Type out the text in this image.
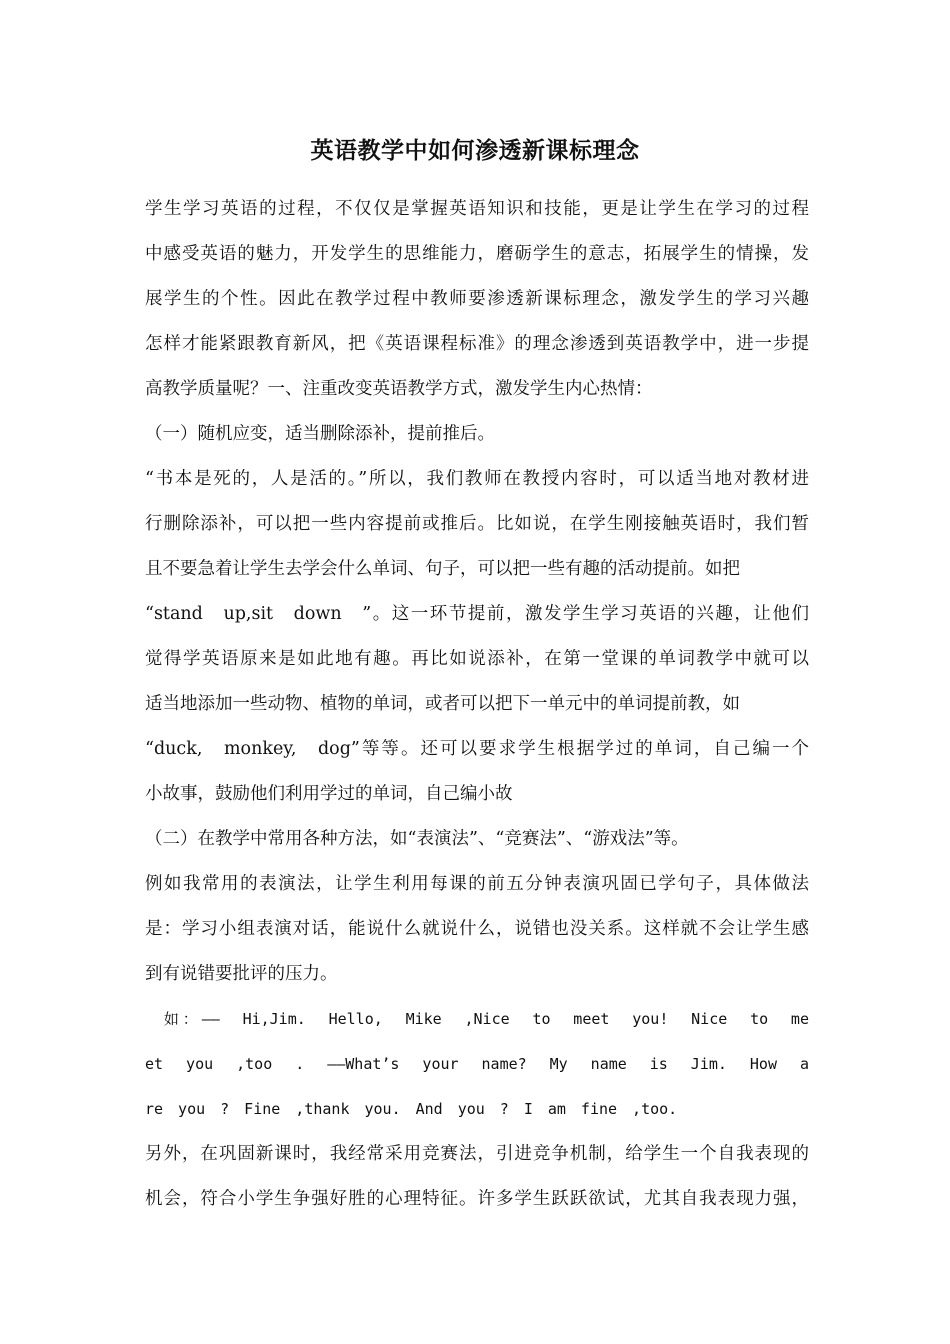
英语教学中如何渗透新课标理念
学生学习英语的过程，不仅仅是掌握英语知识和技能，更是让学生在学习的过程
中感受英语的魅力，开发学生的思维能力，磨砺学生的意志，拓展学生的情操，发
展学生的个性。因此在教学过程中教师要渗透新课标理念，激发学生的学习兴趣
怎样才能紧跟教育新风，把《英语课程标准》的理念渗透到英语教学中，进一步提
高教学质量呢？一、注重改变英语教学方式，激发学生内心热情：
（一）随机应变，适当删除添补，提前推后。
“书本是死的，人是活的。”所以，我们教师在教授内容时，可以适当地对教材进
行删除添补，可以把一些内容提前或推后。比如说，在学生刚接触英语时，我们暂
且不要急着让学生去学会什么单词、句子，可以把一些有趣的活动提前。如把
“stand　up,sit　down　”。这一环节提前，激发学生学习英语的兴趣，让他们
觉得学英语原来是如此地有趣。再比如说添补，在第一堂课的单词教学中就可以
适当地添加一些动物、植物的单词，或者可以把下一单元中的单词提前教，如
“duck,　monkey,　dog”等等。还可以要求学生根据学过的单词，自己编一个
小故事，鼓励他们利用学过的单词，自己编小故
（二）在教学中常用各种方法，如“表演法”、“竞赛法”、“游戏法”等。
例如我常用的表演法，让学生利用每课的前五分钟表演巩固已学句子，具体做法
是：学习小组表演对话，能说什么就说什么，说错也没关系。这样就不会让学生感
到有说错要批评的压力。
　如：——　Hi,Jim.　Hello,　Mike　,Nice　to　meet　you!　Nice　to　me
et　you　,too　.　——What’s　your　name?　My　name　is　Jim.　How　a
re　you　?　Fine　,thank　you.　And　you　?　I　am　fine　,too.
另外，在巩固新课时，我经常采用竞赛法，引进竞争机制，给学生一个自我表现的
机会，符合小学生争强好胜的心理特征。许多学生跃跃欲试，尤其自我表现力强，
